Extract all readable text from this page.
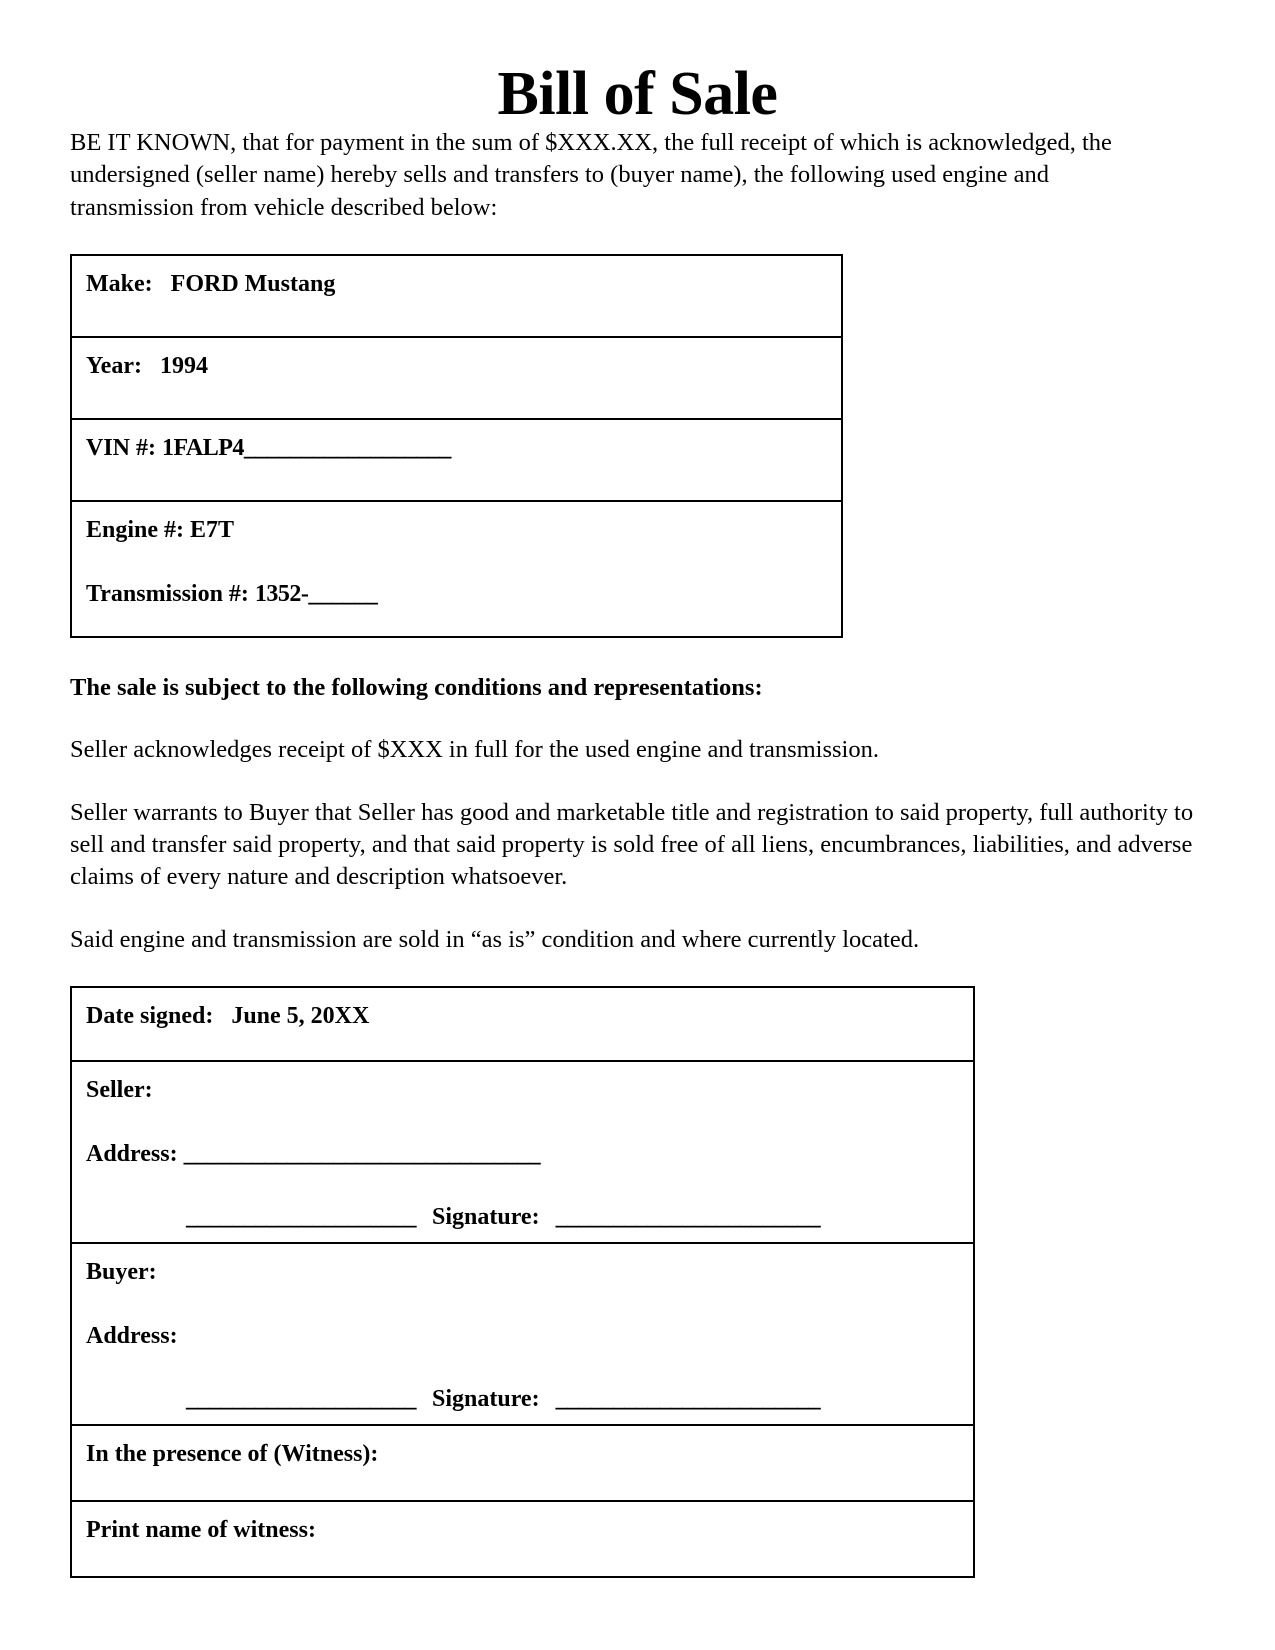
Bill of Sale

BE IT KNOWN, that for payment in the sum of $XXX.XX, the full receipt of which is acknowledged, the undersigned (seller name) hereby sells and transfers to (buyer name), the following used engine and transmission from vehicle described below:

Make: FORD Mustang
Year: 1994
VIN #: 1FALP4__________________

Engine #: E7T
Transmission #: 1352-______

The sale is subject to the following conditions and representations:

Seller acknowledges receipt of $XXX in full for the used engine and transmission.

Seller warrants to Buyer that Seller has good and marketable title and registration to said property, full authority to sell and transfer said property, and that said property is sold free of all liens, encumbrances, liabilities, and adverse claims of every nature and description whatsoever.

Said engine and transmission are sold in “as is” condition and where currently located.

Date signed: June 5, 20XX

Seller:
Address: _______________________________
____________________ Signature: _______________________

Buyer:
Address:
____________________ Signature: _______________________

In the presence of (Witness):
Print name of witness:
